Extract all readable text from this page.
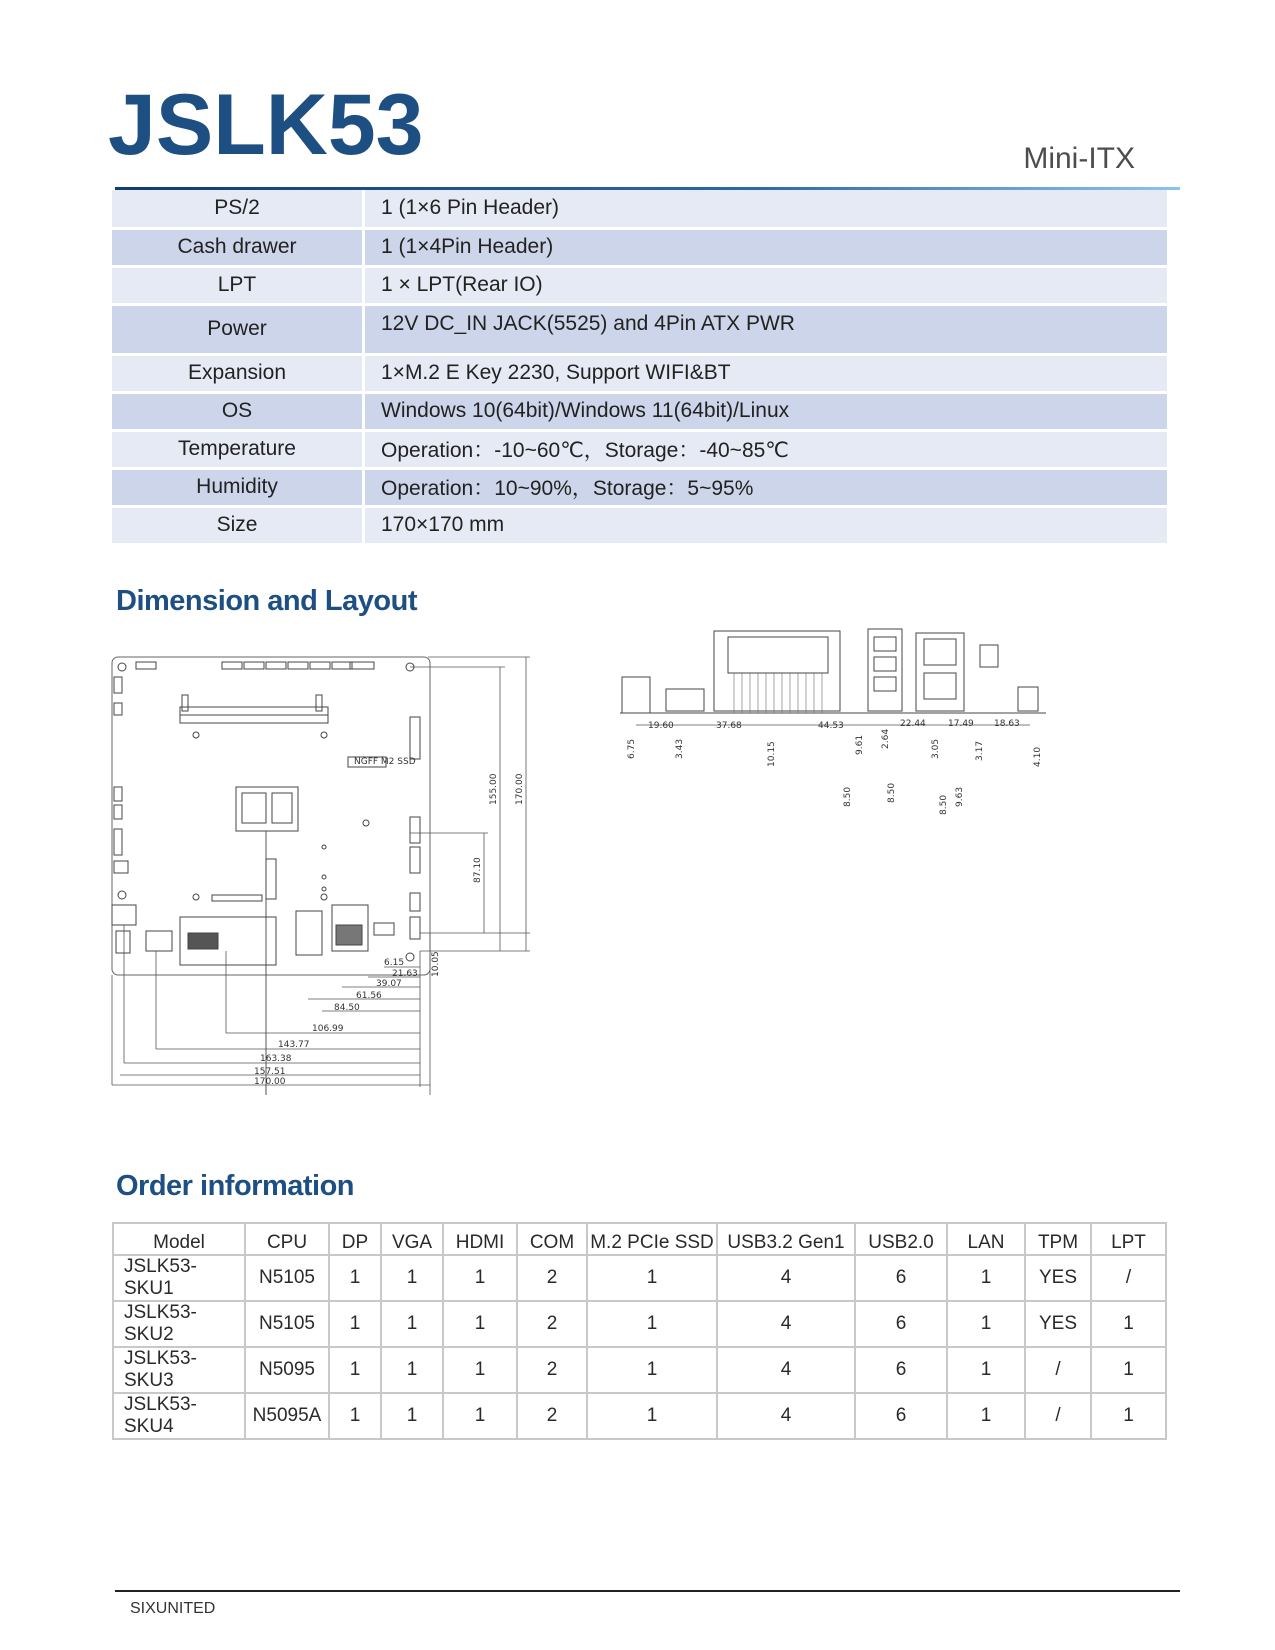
JSLK53	Mini-ITX
PS/2	1 (1×6 Pin Header)
Cash drawer	1 (1×4Pin Header)
LPT	1 × LPT(Rear IO)
Power	12V DC_IN JACK(5525) and 4Pin ATX PWR
Expansion	1×M.2 E Key 2230, Support WIFI&BT
OS	Windows 10(64bit)/Windows 11(64bit)/Linux
Temperature	Operation：-10~60℃，Storage：-40~85℃
Humidity	Operation：10~90%，Storage：5~95%
Size	170×170 mm
Dimension and Layout
NGFF M2 SSD
155.00 170.00
87.10
10.05
6.15
21.63
39.07
61.56
84.50
106.99
143.77
163.38
157.51
170.00
19.60	37.68	44.53	22.44 17.49 18.63
6.75	3.43	10.15	9.61 2.64	3.05	3.17	4.10
8.50	8.50
8.50 9.63
Order information
Model	CPU	DP	VGA	HDMI	COM	M.2 PCIe SSD	USB3.2 Gen1	USB2.0	LAN	TPM	LPT
JSLK53-SKU1	N5105	1	1	1	2	1	4	6	1	YES	/
JSLK53-SKU2	N5105	1	1	1	2	1	4	6	1	YES	1
JSLK53-SKU3	N5095	1	1	1	2	1	4	6	1	/	1
JSLK53-SKU4	N5095A	1	1	1	2	1	4	6	1	/	1
SIXUNITED
